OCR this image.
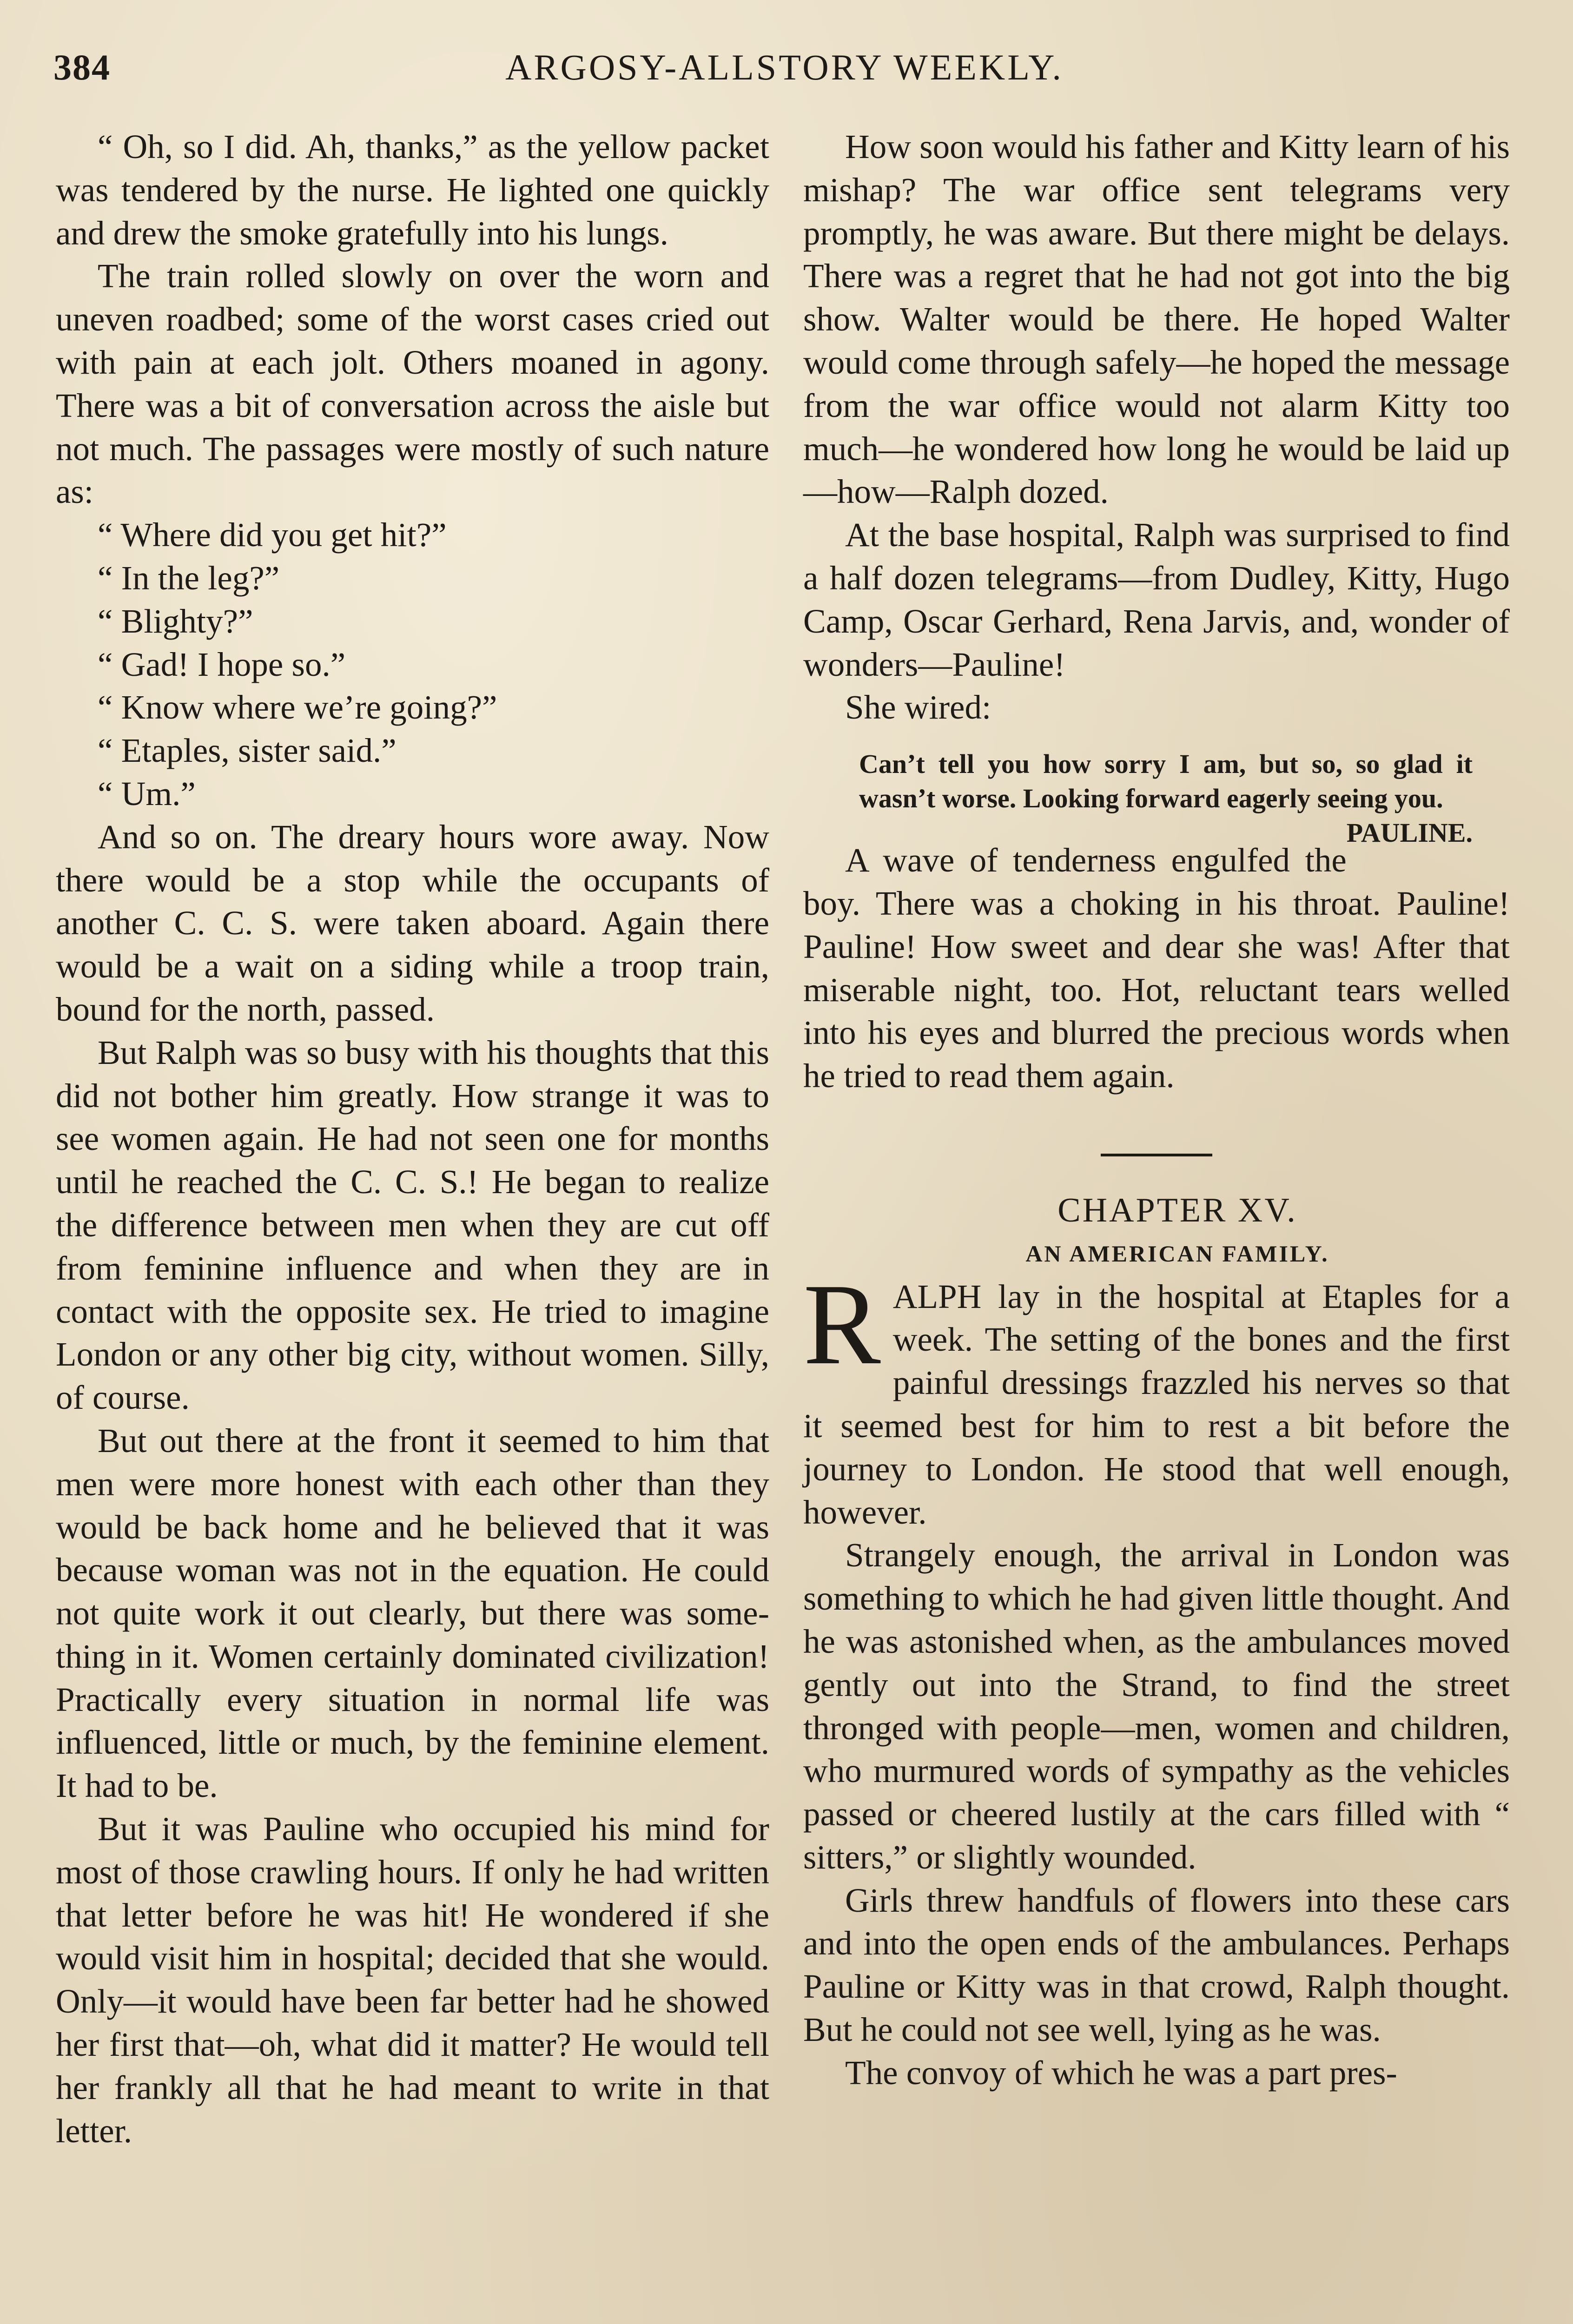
384	ARGOSY-ALLSTORY WEEKLY.

“ Oh, so I did. Ah, thanks,” as the yellow packet was tendered by the nurse. He lighted one quickly and drew the smoke gratefully into his lungs.

The train rolled slowly on over the worn and uneven roadbed; some of the worst cases cried out with pain at each jolt. Others moaned in agony. There was a bit of conversation across the aisle but not much. The passages were mostly of such nature as:

“ Where did you get hit?”

“ In the leg?”

“ Blighty?”

“ Gad! I hope so.”

“ Know where we’re going?”

“ Etaples, sister said.”

“ Um.”

And so on. The dreary hours wore away. Now there would be a stop while the occupants of another C. C. S. were taken aboard. Again there would be a wait on a siding while a troop train, bound for the north, passed.

But Ralph was so busy with his thoughts that this did not bother him greatly. How strange it was to see women again. He had not seen one for months until he reached the C. C. S.! He began to realize the difference between men when they are cut off from feminine influence and when they are in contact with the opposite sex. He tried to imagine London or any other big city, without women. Silly, of course.

But out there at the front it seemed to him that men were more honest with each other than they would be back home and he believed that it was because woman was not in the equation. He could not quite work it out clearly, but there was something in it. Women certainly dominated civilization! Practically every situation in normal life was influenced, little or much, by the feminine element. It had to be.

But it was Pauline who occupied his mind for most of those crawling hours. If only he had written that letter before he was hit! He wondered if she would visit him in hospital; decided that she would. Only—it would have been far better had he showed her first that—oh, what did it matter? He would tell her frankly all that he had meant to write in that letter.

How soon would his father and Kitty learn of his mishap? The war office sent telegrams very promptly, he was aware. But there might be delays. There was a regret that he had not got into the big show. Walter would be there. He hoped Walter would come through safely—he hoped the message from the war office would not alarm Kitty too much—he wondered how long he would be laid up—how—Ralph dozed.

At the base hospital, Ralph was surprised to find a half dozen telegrams—from Dudley, Kitty, Hugo Camp, Oscar Gerhard, Rena Jarvis, and, wonder of wonders—Pauline!

She wired:

Can’t tell you how sorry I am, but so, so glad it wasn’t worse. Looking forward eagerly seeing you.
PAULINE.

A wave of tenderness engulfed the boy. There was a choking in his throat. Pauline! Pauline! How sweet and dear she was! After that miserable night, too. Hot, reluctant tears welled into his eyes and blurred the precious words when he tried to read them again.

CHAPTER XV.

AN AMERICAN FAMILY.

RALPH lay in the hospital at Etaples for a week. The setting of the bones and the first painful dressings frazzled his nerves so that it seemed best for him to rest a bit before the journey to London. He stood that well enough, however.

Strangely enough, the arrival in London was something to which he had given little thought. And he was astonished when, as the ambulances moved gently out into the Strand, to find the street thronged with people—men, women and children, who murmured words of sympathy as the vehicles passed or cheered lustily at the cars filled with “ sitters,” or slightly wounded.

Girls threw handfuls of flowers into these cars and into the open ends of the ambulances. Perhaps Pauline or Kitty was in that crowd, Ralph thought. But he could not see well, lying as he was.

The convoy of which he was a part pres-
